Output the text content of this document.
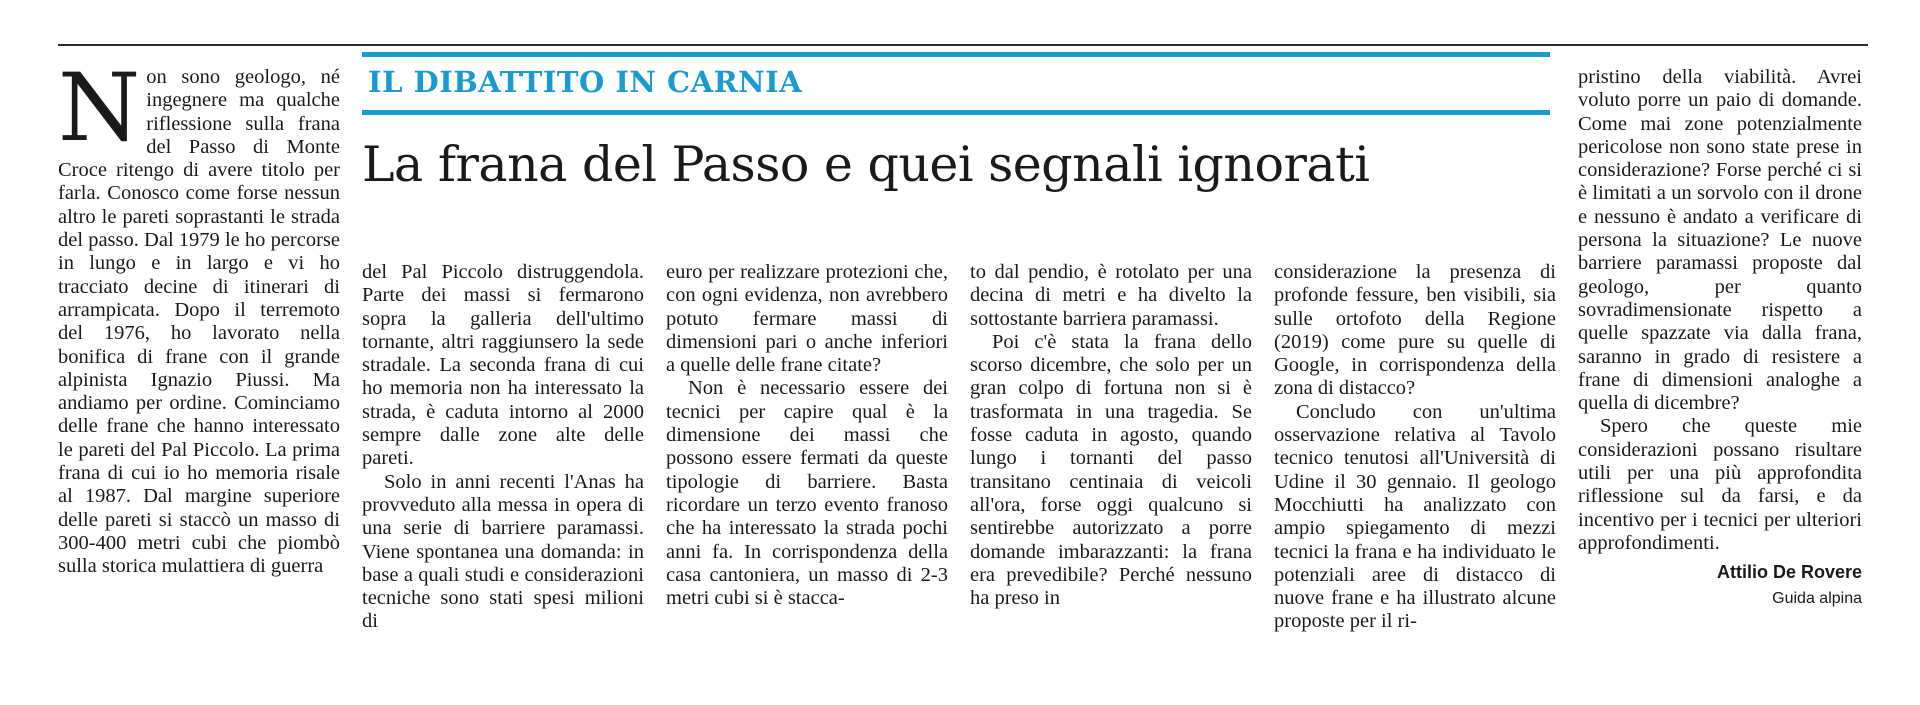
Non sono geologo, né ingegnere ma qualche riflessione sulla frana del Passo di Monte Croce ritengo di avere titolo per farla. Conosco come forse nessun altro le pareti soprastanti le strada del passo. Dal 1979 le ho percorse in lungo e in largo e vi ho tracciato decine di itinerari di arrampicata. Dopo il terremoto del 1976, ho lavorato nella bonifica di frane con il grande alpinista Ignazio Piussi. Ma andiamo per ordine. Cominciamo delle frane che hanno interessato le pareti del Pal Piccolo. La prima frana di cui io ho memoria risale al 1987. Dal margine superiore delle pareti si staccò un masso di 300-400 metri cubi che piombò sulla storica mulattiera di guerra

IL DIBATTITO IN CARNIA
La frana del Passo e quei segnali ignorati

del Pal Piccolo distruggendola. Parte dei massi si fermarono sopra la galleria dell'ultimo tornante, altri raggiunsero la sede stradale. La seconda frana di cui ho memoria non ha interessato la strada, è caduta intorno al 2000 sempre dalle zone alte delle pareti.

Solo in anni recenti l'Anas ha provveduto alla messa in opera di una serie di barriere paramassi. Viene spontanea una domanda: in base a quali studi e considerazioni tecniche sono stati spesi milioni di

euro per realizzare protezioni che, con ogni evidenza, non avrebbero potuto fermare massi di dimensioni pari o anche inferiori a quelle delle frane citate?

Non è necessario essere dei tecnici per capire qual è la dimensione dei massi che possono essere fermati da queste tipologie di barriere. Basta ricordare un terzo evento franoso che ha interessato la strada pochi anni fa. In corrispondenza della casa cantoniera, un masso di 2-3 metri cubi si è stacca-

to dal pendio, è rotolato per una decina di metri e ha divelto la sottostante barriera paramassi.

Poi c'è stata la frana dello scorso dicembre, che solo per un gran colpo di fortuna non si è trasformata in una tragedia. Se fosse caduta in agosto, quando lungo i tornanti del passo transitano centinaia di veicoli all'ora, forse oggi qualcuno si sentirebbe autorizzato a porre domande imbarazzanti: la frana era prevedibile? Perché nessuno ha preso in

considerazione la presenza di profonde fessure, ben visibili, sia sulle ortofoto della Regione (2019) come pure su quelle di Google, in corrispondenza della zona di distacco?

Concludo con un'ultima osservazione relativa al Tavolo tecnico tenutosi all'Università di Udine il 30 gennaio. Il geologo Mocchiutti ha analizzato con ampio spiegamento di mezzi tecnici la frana e ha individuato le potenziali aree di distacco di nuove frane e ha illustrato alcune proposte per il ri-

pristino della viabilità. Avrei voluto porre un paio di domande. Come mai zone potenzialmente pericolose non sono state prese in considerazione? Forse perché ci si è limitati a un sorvolo con il drone e nessuno è andato a verificare di persona la situazione? Le nuove barriere paramassi proposte dal geologo, per quanto sovradimensionate rispetto a quelle spazzate via dalla frana, saranno in grado di resistere a frane di dimensioni analoghe a quella di dicembre?

Spero che queste mie considerazioni possano risultare utili per una più approfondita riflessione sul da farsi, e da incentivo per i tecnici per ulteriori approfondimenti.

Attilio De Rovere
Guida alpina
